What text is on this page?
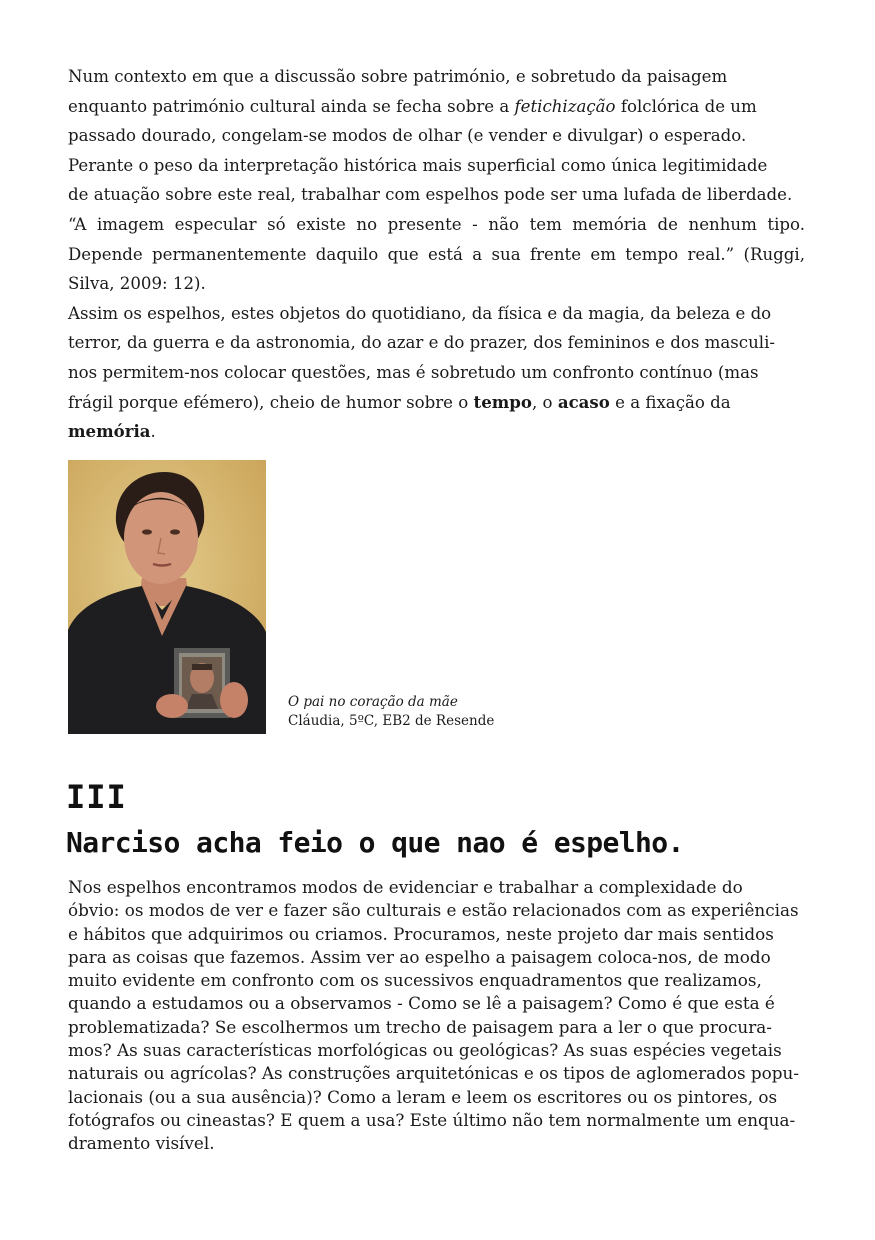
Num contexto em que a discussão sobre património, e sobretudo da paisagem
enquanto património cultural ainda se fecha sobre a fetichização folclórica de um
passado dourado, congelam-se modos de olhar (e vender e divulgar) o esperado.
Perante o peso da interpretação histórica mais superficial como única legitimidade
de atuação sobre este real, trabalhar com espelhos pode ser uma lufada de liberdade.
“A imagem especular só existe no presente - não tem memória de nenhum tipo.
Depende permanentemente daquilo que está a sua frente em tempo real.” (Ruggi,
Silva, 2009: 12).
Assim os espelhos, estes objetos do quotidiano, da física e da magia, da beleza e do
terror, da guerra e da astronomia, do azar e do prazer, dos femininos e dos masculi-
nos permitem-nos colocar questões, mas é sobretudo um confronto contínuo (mas
frágil porque efémero), cheio de humor sobre o tempo, o acaso e a fixação da
memória.

O pai no coração da mãe
Cláudia, 5ºC, EB2 de Resende
III
Narciso acha feio o que nao é espelho.

Nos espelhos encontramos modos de evidenciar e trabalhar a complexidade do
óbvio: os modos de ver e fazer são culturais e estão relacionados com as experiências
e hábitos que adquirimos ou criamos. Procuramos, neste projeto dar mais sentidos
para as coisas que fazemos. Assim ver ao espelho a paisagem coloca-nos, de modo
muito evidente em confronto com os sucessivos enquadramentos que realizamos,
quando a estudamos ou a observamos - Como se lê a paisagem? Como é que esta é
problematizada? Se escolhermos um trecho de paisagem para a ler o que procura-
mos? As suas características morfológicas ou geológicas? As suas espécies vegetais
naturais ou agrícolas? As construções arquitetónicas e os tipos de aglomerados popu-
lacionais (ou a sua ausência)? Como a leram e leem os escritores ou os pintores, os
fotógrafos ou cineastas? E quem a usa? Este último não tem normalmente um enqua-
dramento visível.
